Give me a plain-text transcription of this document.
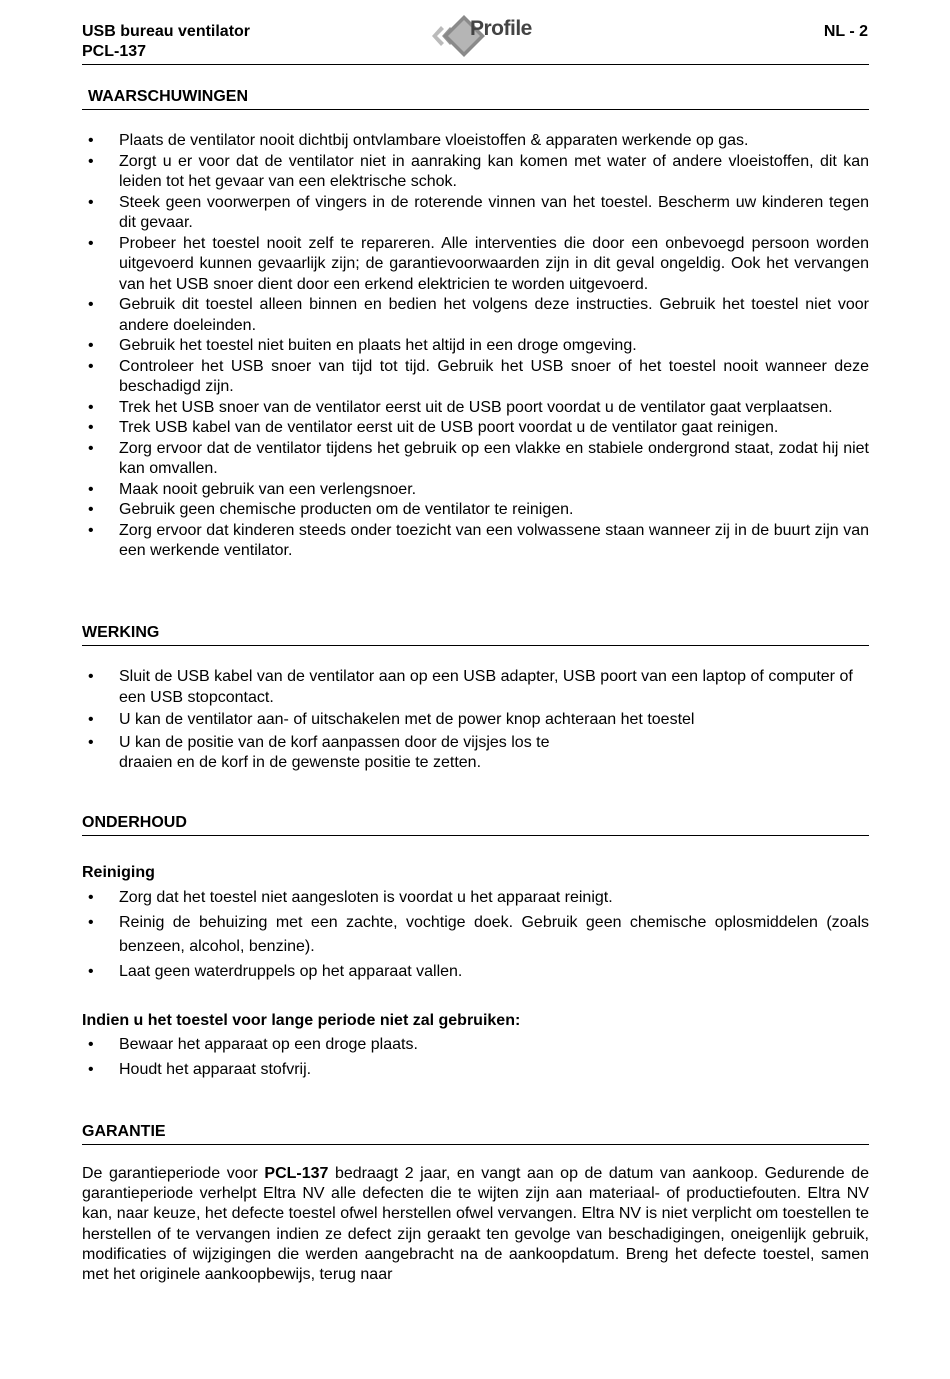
USB bureau ventilator
PCL-137
Profile	NL - 2
WAARSCHUWINGEN
• Plaats de ventilator nooit dichtbij ontvlambare vloeistoffen & apparaten werkende op gas.
• Zorgt u er voor dat de ventilator niet in aanraking kan komen met water of andere vloeistoffen, dit kan leiden tot het gevaar van een elektrische schok.
• Steek geen voorwerpen of vingers in de roterende vinnen van het toestel. Bescherm uw kinderen tegen dit gevaar.
• Probeer het toestel nooit zelf te repareren. Alle interventies die door een onbevoegd persoon worden uitgevoerd kunnen gevaarlijk zijn; de garantievoorwaarden zijn in dit geval ongeldig. Ook het vervangen van het USB snoer dient door een erkend elektricien te worden uitgevoerd.
• Gebruik dit toestel alleen binnen en bedien het volgens deze instructies. Gebruik het toestel niet voor andere doeleinden.
• Gebruik het toestel niet buiten en plaats het altijd in een droge omgeving.
• Controleer het USB snoer van tijd tot tijd. Gebruik het USB snoer of het toestel nooit wanneer deze beschadigd zijn.
• Trek het USB snoer van de ventilator eerst uit de USB poort voordat u de ventilator gaat verplaatsen.
• Trek USB kabel van de ventilator eerst uit de USB poort voordat u de ventilator gaat reinigen.
• Zorg ervoor dat de ventilator tijdens het gebruik op een vlakke en stabiele ondergrond staat, zodat hij niet kan omvallen.
• Maak nooit gebruik van een verlengsnoer.
• Gebruik geen chemische producten om de ventilator te reinigen.
• Zorg ervoor dat kinderen steeds onder toezicht van een volwassene staan wanneer zij in de buurt zijn van een werkende ventilator.
WERKING
• Sluit de USB kabel van de ventilator aan op een USB adapter, USB poort van een laptop of computer of een USB stopcontact.
• U kan de ventilator aan- of uitschakelen met de power knop achteraan het toestel
• U kan de positie van de korf aanpassen door de vijsjes los te draaien en de korf in de gewenste positie te zetten.
ONDERHOUD
Reiniging
• Zorg dat het toestel niet aangesloten is voordat u het apparaat reinigt.
• Reinig de behuizing met een zachte, vochtige doek. Gebruik geen chemische oplosmiddelen (zoals benzeen, alcohol, benzine).
• Laat geen waterdruppels op het apparaat vallen.
Indien u het toestel voor lange periode niet zal gebruiken:
• Bewaar het apparaat op een droge plaats.
• Houdt het apparaat stofvrij.
GARANTIE
De garantieperiode voor PCL-137 bedraagt 2 jaar, en vangt aan op de datum van aankoop. Gedurende de garantieperiode verhelpt Eltra NV alle defecten die te wijten zijn aan materiaal- of productiefouten. Eltra NV kan, naar keuze, het defecte toestel ofwel herstellen ofwel vervangen. Eltra NV is niet verplicht om toestellen te herstellen of te vervangen indien ze defect zijn geraakt ten gevolge van beschadigingen, oneigenlijk gebruik, modificaties of wijzigingen die werden aangebracht na de aankoopdatum. Breng het defecte toestel, samen met het originele aankoopbewijs, terug naar
